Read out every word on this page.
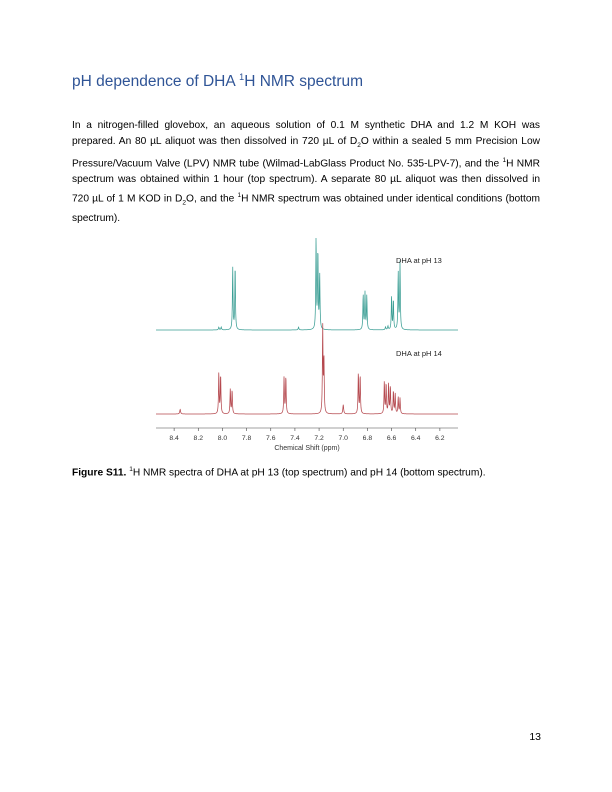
pH dependence of DHA $^1$H NMR spectrum
In a nitrogen-filled glovebox, an aqueous solution of 0.1 M synthetic DHA and 1.2 M KOH was prepared. An 80 µL aliquot was then dissolved in 720 µL of $D_2O$ within a sealed 5 mm Precision Low Pressure/Vacuum Valve (LPV) NMR tube (Wilmad-LabGlass Product No. 535-LPV-7), and the $^1$H NMR spectrum was obtained within 1 hour (top spectrum). A separate 80 µL aliquot was then dissolved in 720 µL of 1 M KOD in $D_2O$, and the $^1$H NMR spectrum was obtained under identical conditions (bottom spectrum).
DHA at pH 13
DHA at pH 14
8.4 8.2 8.0 7.8 7.6 7.4 7.2 7.0 6.8 6.6 6.4 6.2
Chemical Shift (ppm)
Figure S11. $^1$H NMR spectra of DHA at pH 13 (top spectrum) and pH 14 (bottom spectrum).
13
